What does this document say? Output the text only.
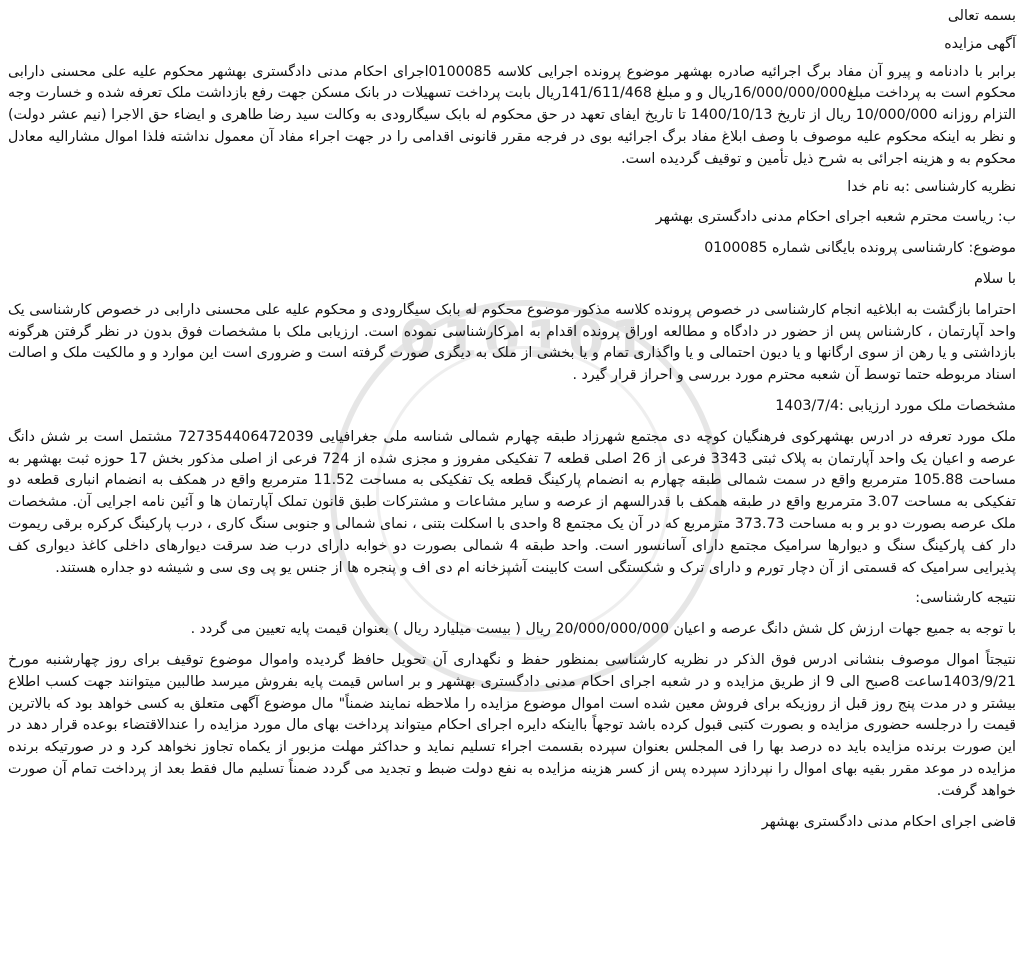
010101

بسمه تعالی

آگهی مزایده

برابر با دادنامه و پیرو آن مفاد برگ اجرائیه صادره بهشهر موضوع پرونده اجرایی کلاسه 0100085اجرای احکام مدنی دادگستری بهشهر محکوم علیه علی محسنی دارابی محکوم است به پرداخت مبلغ16/000/000/000ریال و و مبلغ 141/611/468ریال بابت پرداخت تسهیلات در بانک مسکن جهت رفع بازداشت ملک تعرفه شده و خسارت وجه التزام روزانه 10/000/000 ریال از تاریخ 1400/10/13 تا تاریخ ایفای تعهد در حق محکوم له بابک سیگارودی به وکالت سید رضا طاهری و ایضاء حق الاجرا (نیم عشر دولت) و نظر به اینکه محکوم علیه موصوف با وصف ابلاغ مفاد برگ اجرائیه بوی در فرجه مقرر قانونی اقدامی را در جهت اجراء مفاد آن معمول نداشته فلذا اموال مشارالیه معادل محکوم به و هزینه اجرائی به شرح ذیل تأمین و توقیف گردیده است.

نظریه کارشناسی :به نام خدا

ب: ریاست محترم شعبه اجرای احکام مدنی دادگستری بهشهر

موضوع: کارشناسی پرونده بایگانی شماره 0100085

با سلام

احتراما بازگشت به ابلاغیه انجام کارشناسی در خصوص پرونده کلاسه مذکور موضوع محکوم له بابک سیگارودی و محکوم علیه علی محسنی دارابی در خصوص کارشناسی یک واحد آپارتمان ، کارشناس پس از حضور در دادگاه و مطالعه اوراق پرونده اقدام به امرکارشناسی نموده است. ارزیابی ملک با مشخصات فوق بدون در نظر گرفتن هرگونه بازداشتی و یا رهن از سوی ارگانها و یا دیون احتمالی و یا واگذاری تمام و یا بخشی از ملک به دیگری صورت گرفته است و ضروری است این موارد و و مالکیت ملک و اصالت اسناد مربوطه حتما توسط آن شعبه محترم مورد بررسی و احراز قرار گیرد .

مشخصات ملک مورد ارزیابی :1403/7/4

ملک مورد تعرفه در ادرس بهشهرکوی فرهنگیان کوچه دی مجتمع شهرزاد طبقه چهارم شمالی شناسه ملی جغرافیایی 727354406472039 مشتمل است بر شش دانگ عرصه و اعیان یک واحد آپارتمان به پلاک ثبتی 3343 فرعی از 26 اصلی قطعه 7 تفکیکی مفروز و مجزی شده از 724 فرعی از اصلی مذکور بخش 17 حوزه ثبت بهشهر به مساحت 105.88 مترمربع واقع در سمت شمالی طبقه چهارم به انضمام پارکینگ قطعه یک تفکیکی به مساحت 11.52 مترمربع واقع در همکف به انضمام انباری قطعه دو تفکیکی به مساحت 3.07 مترمربع واقع در طبقه همکف با قدرالسهم از عرصه و سایر مشاعات و مشترکات طبق قانون تملک آپارتمان ها و آئین نامه اجرایی آن. مشخصات ملک عرصه بصورت دو بر و به مساحت 373.73 مترمربع که در آن یک مجتمع 8 واحدی با اسکلت بتنی ، نمای شمالی و جنوبی سنگ کاری ، درب پارکینگ کرکره برقی ریموت دار کف پارکینگ سنگ و دیوارها سرامیک مجتمع دارای آسانسور است. واحد طبقه 4 شمالی بصورت دو خوابه دارای درب ضد سرقت دیوارهای داخلی کاغذ دیواری کف پذیرایی سرامیک که قسمتی از آن دچار تورم و دارای ترک و شکستگی است کابینت آشپزخانه ام دی اف و پنجره ها از جنس یو پی وی سی و شیشه دو جداره هستند.

نتیجه کارشناسی:

با توجه به جمیع جهات ارزش کل شش دانگ عرصه و اعیان 20/000/000/000 ریال ( بیست میلیارد ریال ) بعنوان قیمت پایه تعیین می گردد .

نتیجتاً اموال موصوف بنشانی ادرس فوق الذکر در نظریه کارشناسی بمنظور حفظ و نگهداری آن تحویل حافظ گردیده واموال موضوع توقیف برای روز چهارشنبه مورخ 1403/9/21ساعت 8صبح الی 9 از طریق مزایده و در شعبه اجرای احکام مدنی دادگستری بهشهر و بر اساس قیمت پایه بفروش میرسد طالبین میتوانند جهت کسب اطلاع بیشتر و در مدت پنج روز قبل از روزیکه برای فروش معین شده است اموال موضوع مزایده را ملاحظه نمایند ضمناً" مال موضوع آگهی متعلق به کسی خواهد بود که بالاترین قیمت را درجلسه حضوری مزایده و بصورت کتبی قبول کرده باشد توجهاً بااینکه دایره اجرای احکام میتواند پرداخت بهای مال مورد مزایده را عندالاقتضاء بوعده قرار دهد در این صورت برنده مزایده باید ده درصد بها را فی المجلس بعنوان سپرده بقسمت اجراء تسلیم نماید و حداکثر مهلت مزبور از یکماه تجاوز نخواهد کرد و در صورتیکه برنده مزایده در موعد مقرر بقیه بهای اموال را نپردازد سپرده پس از کسر هزینه مزایده به نفع دولت ضبط و تجدید می گردد ضمناً تسلیم مال فقط بعد از پرداخت تمام آن صورت خواهد گرفت.

قاضی اجرای احکام مدنی دادگستری بهشهر
